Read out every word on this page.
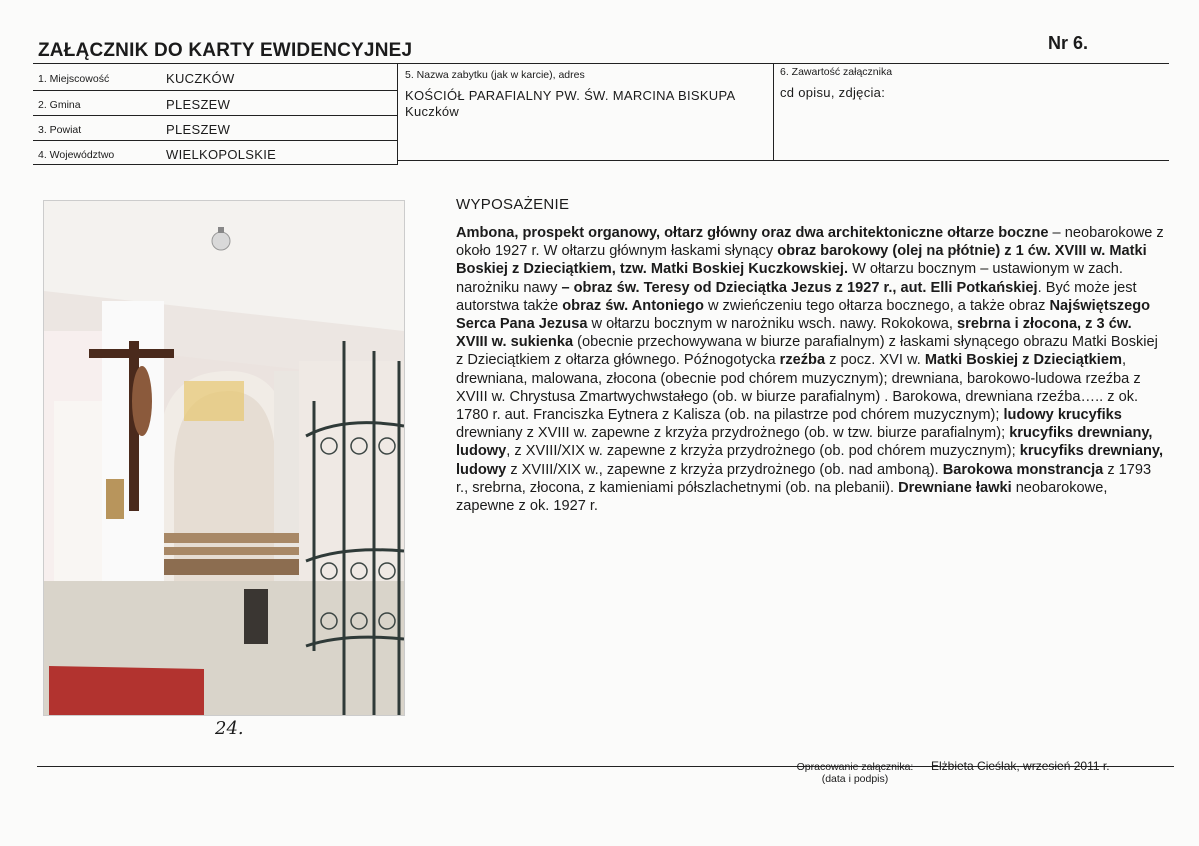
ZAŁĄCZNIK DO KARTY EWIDENCYJNEJ	Nr 6.
1. Miejscowość	KUCZKÓW
2. Gmina	PLESZEW
3. Powiat	PLESZEW
4. Województwo	WIELKOPOLSKIE
5. Nazwa zabytku (jak w karcie), adres
KOŚCIÓŁ PARAFIALNY PW. ŚW. MARCINA BISKUPA
Kuczków
6. Zawartość załącznika
cd opisu, zdjęcia:
24.
WYPOSAŻENIE
Ambona, prospekt organowy, ołtarz główny oraz dwa architektoniczne ołtarze boczne – neobarokowe z około 1927 r. W ołtarzu głównym łaskami słynący obraz barokowy (olej na płótnie) z 1 ćw. XVIII w. Matki Boskiej z Dzieciątkiem, tzw. Matki Boskiej Kuczkowskiej. W ołtarzu bocznym – ustawionym w zach. narożniku nawy – obraz św. Teresy od Dzieciątka Jezus z 1927 r., aut. Elli Potkańskiej. Być może jest autorstwa także obraz św. Antoniego w zwieńczeniu tego ołtarza bocznego, a także obraz Najświętszego Serca Pana Jezusa w ołtarzu bocznym w narożniku wsch. nawy. Rokokowa, srebrna i złocona, z 3 ćw. XVIII w. sukienka (obecnie przechowywana w biurze parafialnym) z łaskami słynącego obrazu Matki Boskiej z Dzieciątkiem z ołtarza głównego. Późnogotycka rzeźba z pocz. XVI w. Matki Boskiej z Dzieciątkiem, drewniana, malowana, złocona (obecnie pod chórem muzycznym); drewniana, barokowo-ludowa rzeźba z XVIII w. Chrystusa Zmartwychwstałego (ob. w biurze parafialnym) . Barokowa, drewniana rzeźba….. z ok. 1780 r. aut. Franciszka Eytnera z Kalisza (ob. na pilastrze pod chórem muzycznym); ludowy krucyfiks drewniany z XVIII w. zapewne z krzyża przydrożnego (ob. w tzw. biurze parafialnym); krucyfiks drewniany, ludowy, z XVIII/XIX w. zapewne z krzyża przydrożnego (ob. pod chórem muzycznym); krucyfiks drewniany, ludowy z XVIII/XIX w., zapewne z krzyża przydrożnego (ob. nad amboną). Barokowa monstrancja z 1793 r., srebrna, złocona, z kamieniami półszlachetnymi (ob. na plebanii). Drewniane ławki neobarokowe, zapewne z ok. 1927 r.
Opracowanie załącznika:
(data i podpis)
Elżbieta Cieślak, wrzesień 2011 r.
